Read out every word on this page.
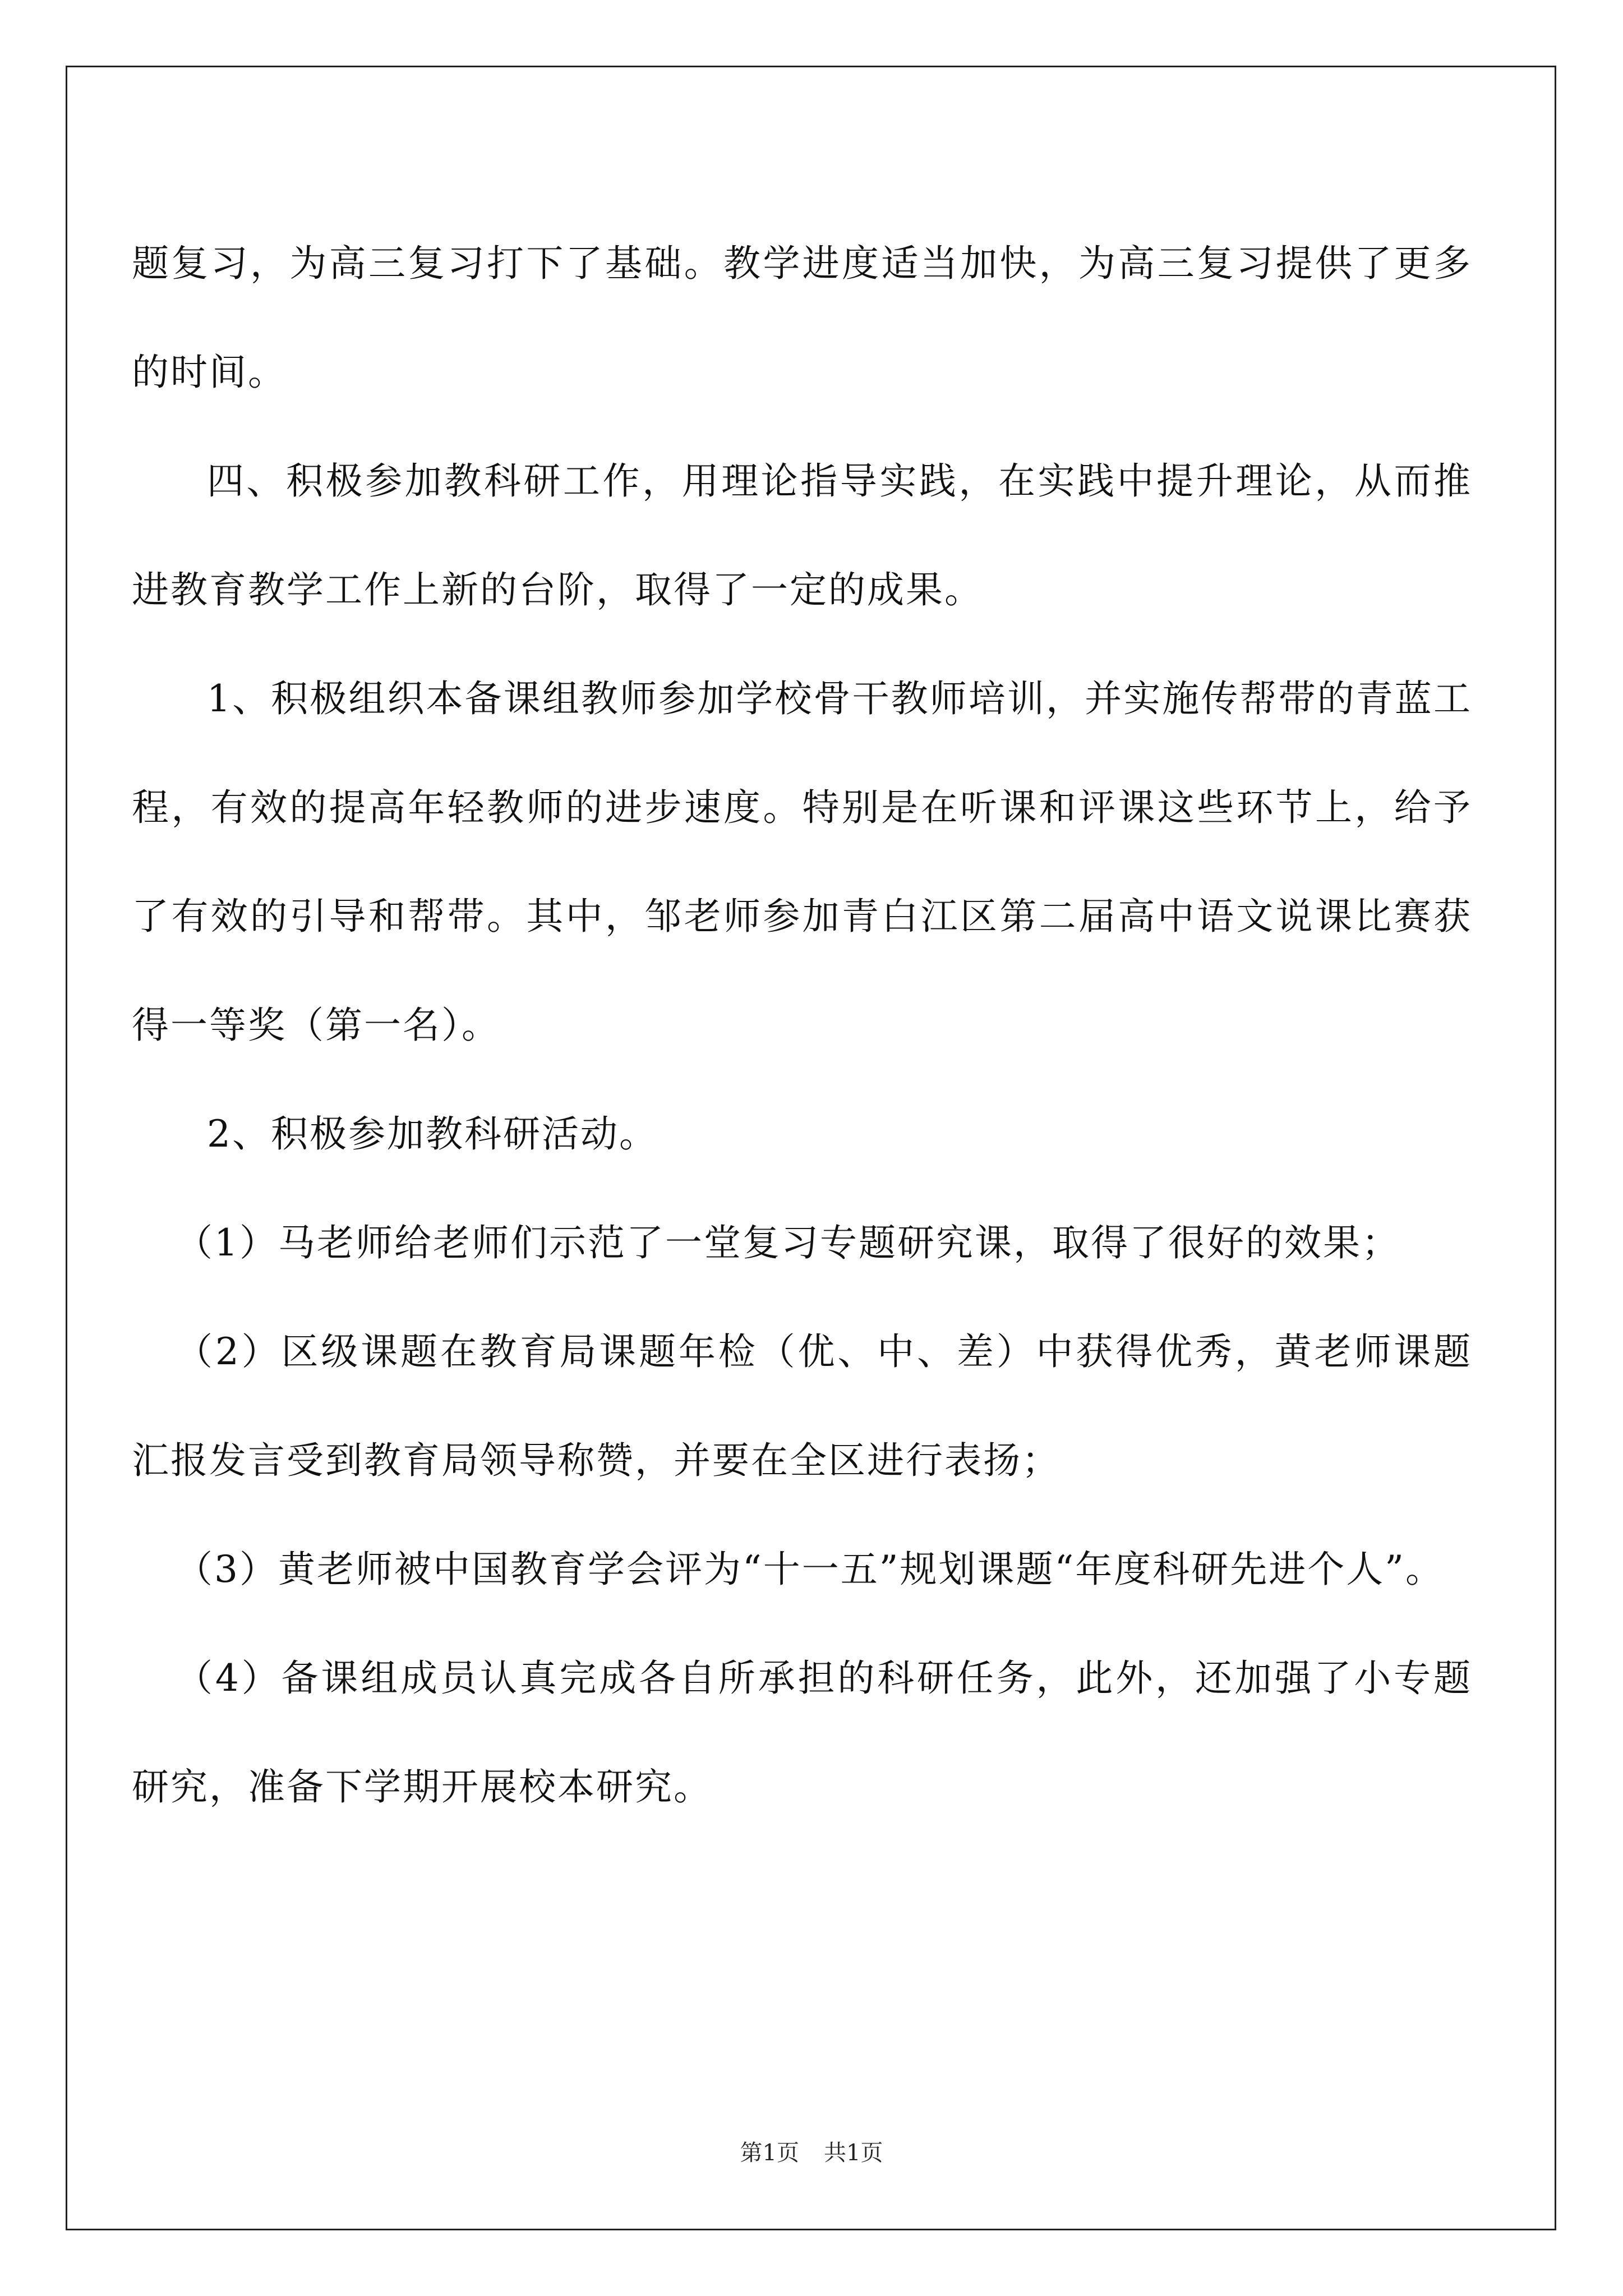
题复习，为高三复习打下了基础。教学进度适当加快，为高三复习提供了更多的时间。

四、积极参加教科研工作，用理论指导实践，在实践中提升理论，从而推进教育教学工作上新的台阶，取得了一定的成果。

1、积极组织本备课组教师参加学校骨干教师培训，并实施传帮带的青蓝工程，有效的提高年轻教师的进步速度。特别是在听课和评课这些环节上，给予了有效的引导和帮带。其中，邹老师参加青白江区第二届高中语文说课比赛获得一等奖（第一名）。

2、积极参加教科研活动。

（1）马老师给老师们示范了一堂复习专题研究课，取得了很好的效果；

（2）区级课题在教育局课题年检（优、中、差）中获得优秀，黄老师课题汇报发言受到教育局领导称赞，并要在全区进行表扬；

（3）黄老师被中国教育学会评为“十一五”规划课题“年度科研先进个人”。

（4）备课组成员认真完成各自所承担的科研任务，此外，还加强了小专题研究，准备下学期开展校本研究。

第1页 共1页
